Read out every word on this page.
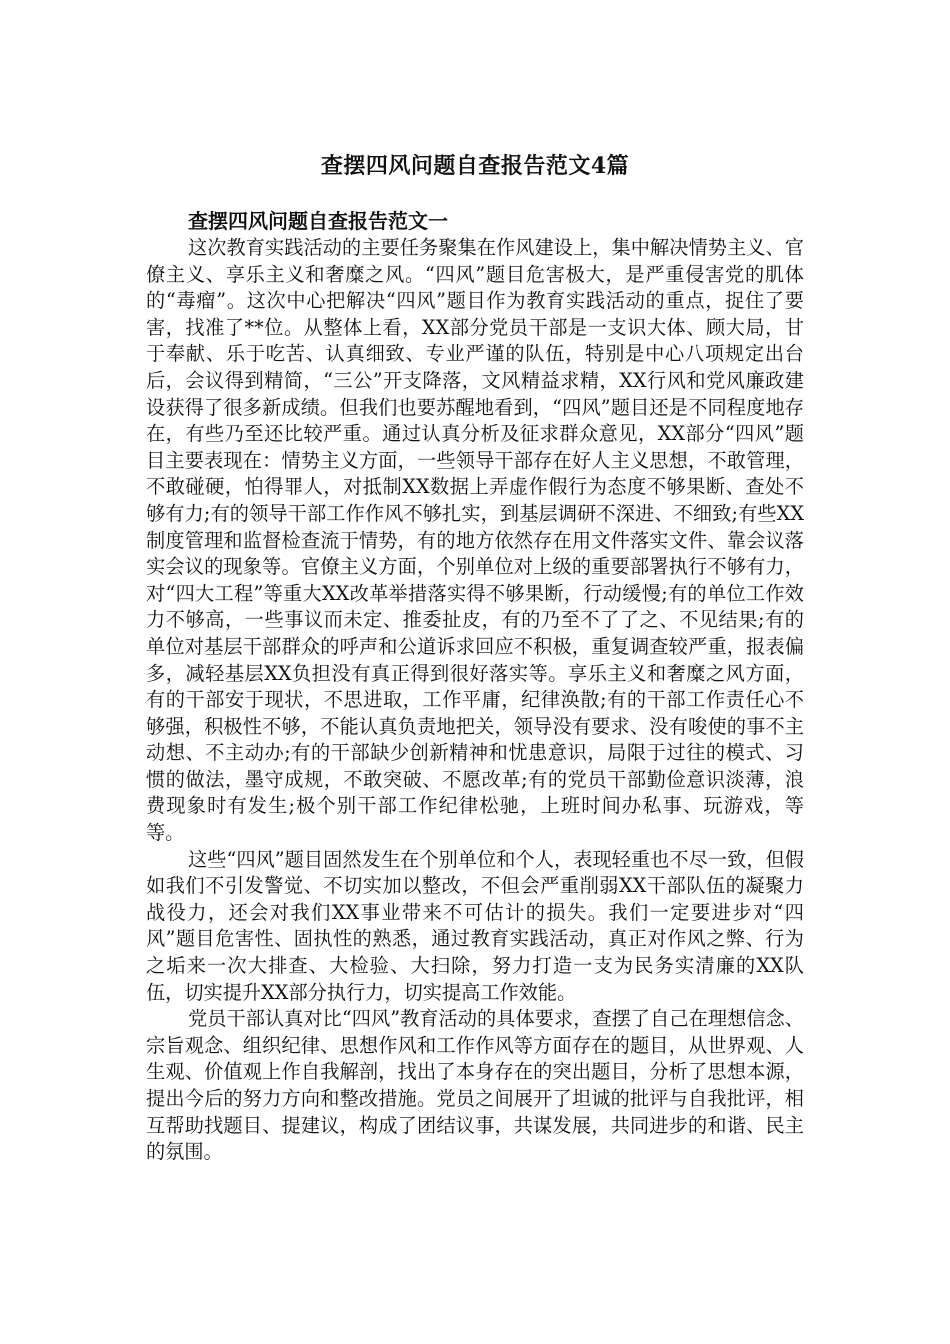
查摆四风问题自查报告范文4篇

查摆四风问题自查报告范文一

这次教育实践活动的主要任务聚集在作风建设上，集中解决情势主义、官僚主义、享乐主义和奢糜之风。“四风”题目危害极大，是严重侵害党的肌体的“毒瘤”。这次中心把解决“四风”题目作为教育实践活动的重点，捉住了要害，找准了**位。从整体上看，XX部分党员干部是一支识大体、顾大局，甘于奉献、乐于吃苦、认真细致、专业严谨的队伍，特别是中心八项规定出台后，会议得到精简，“三公”开支降落，文风精益求精，XX行风和党风廉政建设获得了很多新成绩。但我们也要苏醒地看到，“四风”题目还是不同程度地存在，有些乃至还比较严重。通过认真分析及征求群众意见，XX部分“四风”题目主要表现在：情势主义方面，一些领导干部存在好人主义思想，不敢管理，不敢碰硬，怕得罪人，对抵制XX数据上弄虚作假行为态度不够果断、查处不够有力;有的领导干部工作作风不够扎实，到基层调研不深进、不细致;有些XX制度管理和监督检查流于情势，有的地方依然存在用文件落实文件、靠会议落实会议的现象等。官僚主义方面，个别单位对上级的重要部署执行不够有力，对“四大工程”等重大XX改革举措落实得不够果断，行动缓慢;有的单位工作效力不够高，一些事议而未定、推委扯皮，有的乃至不了了之、不见结果;有的单位对基层干部群众的呼声和公道诉求回应不积极，重复调查较严重，报表偏多，减轻基层XX负担没有真正得到很好落实等。享乐主义和奢糜之风方面，有的干部安于现状，不思进取，工作平庸，纪律涣散;有的干部工作责任心不够强，积极性不够，不能认真负责地把关，领导没有要求、没有唆使的事不主动想、不主动办;有的干部缺少创新精神和忧患意识，局限于过往的模式、习惯的做法，墨守成规，不敢突破、不愿改革;有的党员干部勤俭意识淡薄，浪费现象时有发生;极个别干部工作纪律松驰，上班时间办私事、玩游戏，等等。

这些“四风”题目固然发生在个别单位和个人，表现轻重也不尽一致，但假如我们不引发警觉、不切实加以整改，不但会严重削弱XX干部队伍的凝聚力战役力，还会对我们XX事业带来不可估计的损失。我们一定要进步对“四风”题目危害性、固执性的熟悉，通过教育实践活动，真正对作风之弊、行为之垢来一次大排查、大检验、大扫除，努力打造一支为民务实清廉的XX队伍，切实提升XX部分执行力，切实提高工作效能。

党员干部认真对比“四风”教育活动的具体要求，查摆了自己在理想信念、宗旨观念、组织纪律、思想作风和工作作风等方面存在的题目，从世界观、人生观、价值观上作自我解剖，找出了本身存在的突出题目，分析了思想本源，提出今后的努力方向和整改措施。党员之间展开了坦诚的批评与自我批评，相互帮助找题目、提建议，构成了团结议事，共谋发展，共同进步的和谐、民主的氛围。
